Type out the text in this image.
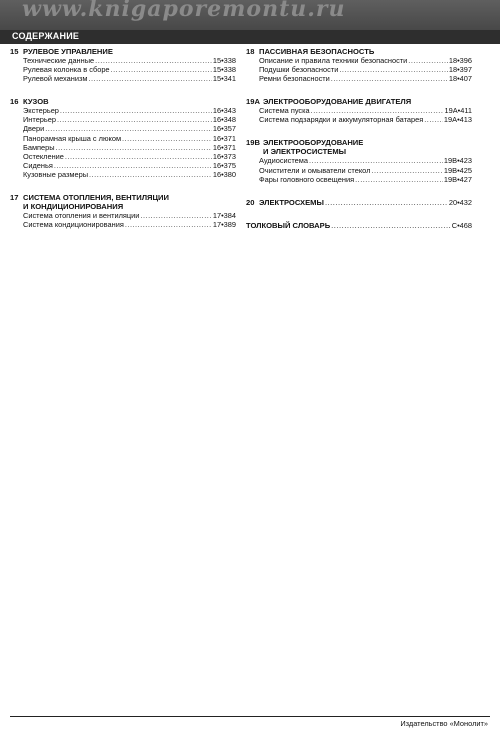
www.knigaporemontu.ru
СОДЕРЖАНИЕ
15 РУЛЕВОЕ УПРАВЛЕНИЕ
Технические данные .....	15•338
Рулевая колонка в сборе .....	15•338
Рулевой механизм .....	15•341
16 КУЗОВ
Экстерьер .....	16•343
Интерьер .....	16•348
Двери .....	16•357
Панорамная крыша с люком .....	16•371
Бамперы .....	16•371
Остекление .....	16•373
Сиденья .....	16•375
Кузовные размеры .....	16•380
17 СИСТЕМА ОТОПЛЕНИЯ, ВЕНТИЛЯЦИИ
И КОНДИЦИОНИРОВАНИЯ
Система отопления и вентиляции .....	17•384
Система кондиционирования .....	17•389
18 ПАССИВНАЯ БЕЗОПАСНОСТЬ
Описание и правила техники безопасности .....	18•396
Подушки безопасности .....	18•397
Ремни безопасности .....	18•407
19А ЭЛЕКТРООБОРУДОВАНИЕ ДВИГАТЕЛЯ
Система пуска .....	19A•411
Система подзарядки и аккумуляторная батарея .....	19A•413
19В ЭЛЕКТРООБОРУДОВАНИЕ
И ЭЛЕКТРОСИСТЕМЫ
Аудиосистема .....	19B•423
Очистители и омыватели стекол .....	19B•425
Фары головного освещения .....	19B•427
20 ЭЛЕКТРОСХЕМЫ .....	20•432
ТОЛКОВЫЙ СЛОВАРЬ .....	С•468
Издательство «Монолит»
